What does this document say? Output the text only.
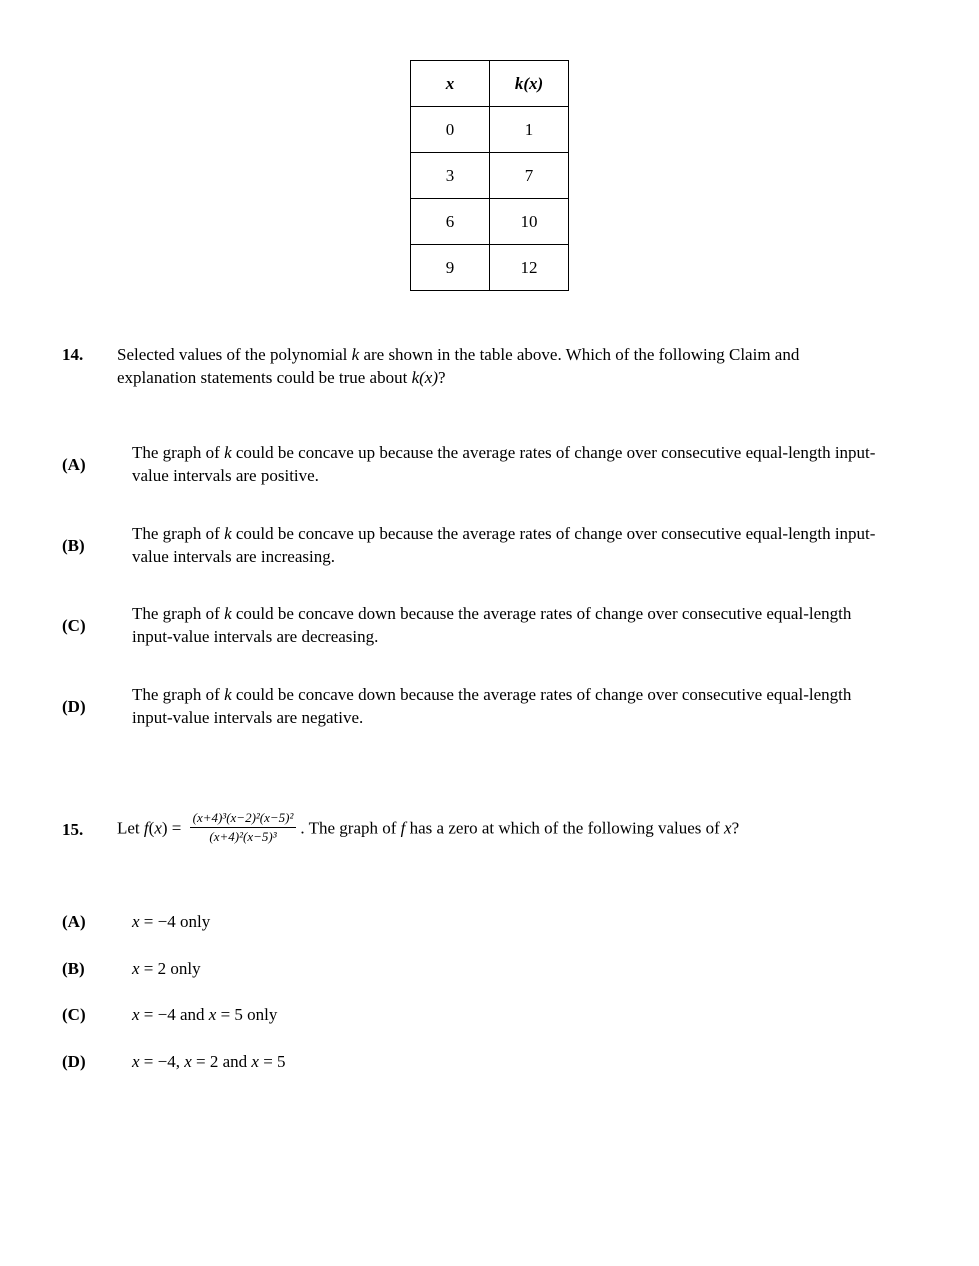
x	k(x)
0	1
3	7
6	10
9	12
14.	Selected values of the polynomial k are shown in the table above. Which of the following Claim and explanation statements could be true about k(x)?
(A)
The graph of k could be concave up because the average rates of change over consecutive equal-length input-value intervals are positive.
(B)
The graph of k could be concave up because the average rates of change over consecutive equal-length input-value intervals are increasing.
(C)
The graph of k could be concave down because the average rates of change over consecutive equal-length input-value intervals are decreasing.
(D)
The graph of k could be concave down because the average rates of change over consecutive equal-length input-value intervals are negative.
15.	Let $f(x) = \frac{\text{(x+4)³(x−2)²(x−5)²}}{\text{(x+4)²(x−5)³}}$ . The graph of f has a zero at which of the following values of x?
(A)	x = −4 only
(B)	x = 2 only
(C)	x = −4 and x = 5 only
(D)	x = −4, x = 2 and x = 5
